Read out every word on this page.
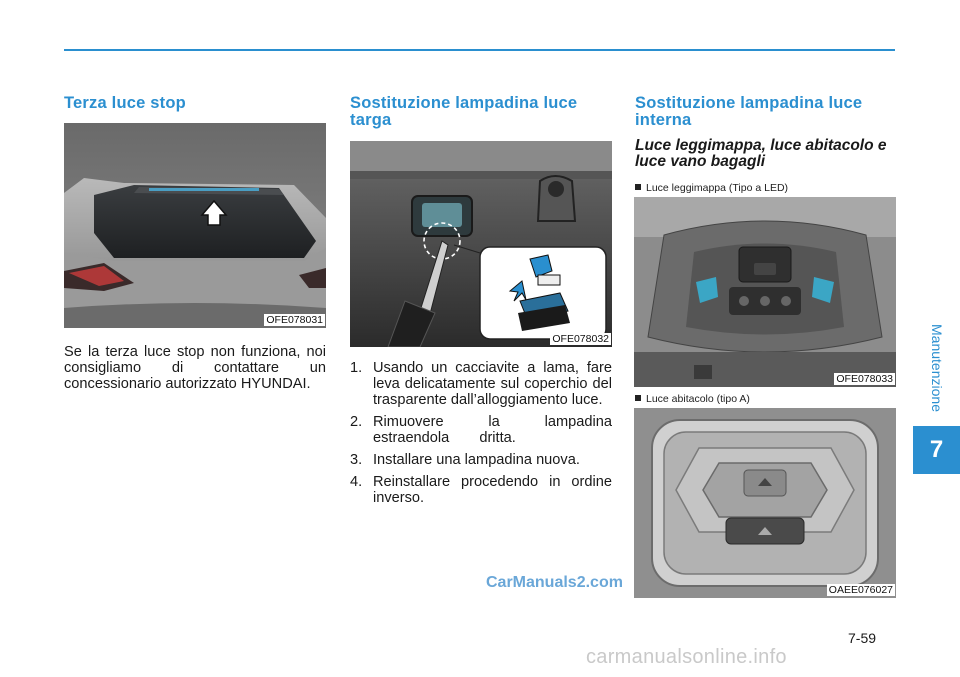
Terza luce stop
OFE078031

Se la terza luce stop non funziona, noi consigliamo di contattare un concessionario autorizzato HYUNDAI.

Sostituzione lampadina luce targa
OFE078032
1. Usando un cacciavite a lama, fare leva delicatamente sul coperchio del trasparente dall’alloggiamento luce.
2. Rimuovere la lampadina estraendola dritta.
3. Installare una lampadina nuova.
4. Reinstallare procedendo in ordine inverso.
Sostituzione lampadina luce interna
Luce leggimappa, luce abitacolo e luce vano bagagli
Luce leggimappa (Tipo a LED)
OFE078033
Luce abitacolo (tipo A)
OAEE076027
Manutenzione
7
7-59
CarManuals2.com
carmanualsonline.info
